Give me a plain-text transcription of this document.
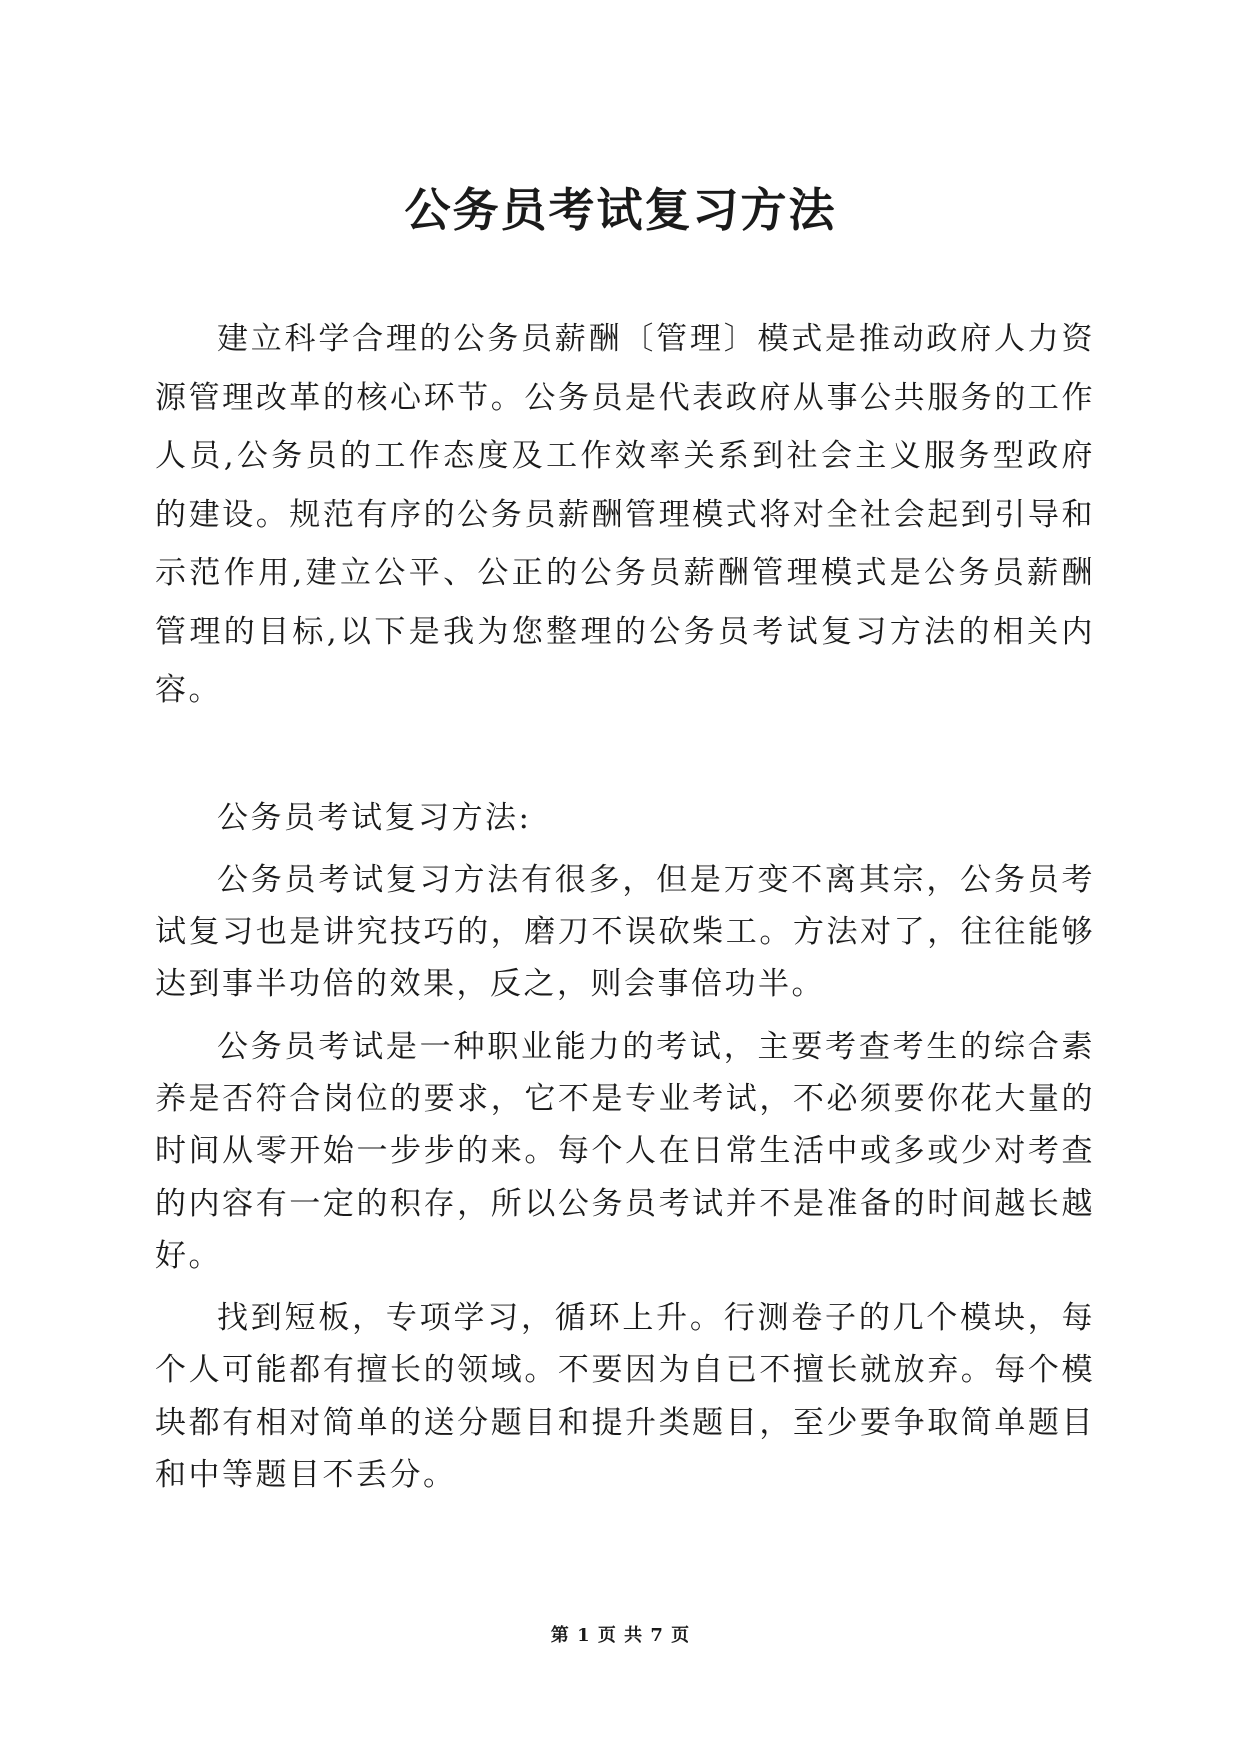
公务员考试复习方法

建立科学合理的公务员薪酬〔管理〕模式是推动政府人力资源管理改革的核心环节。公务员是代表政府从事公共服务的工作人员,公务员的工作态度及工作效率关系到社会主义服务型政府的建设。规范有序的公务员薪酬管理模式将对全社会起到引导和示范作用,建立公平、公正的公务员薪酬管理模式是公务员薪酬管理的目标,以下是我为您整理的公务员考试复习方法的相关内容。

公务员考试复习方法:

公务员考试复习方法有很多，但是万变不离其宗，公务员考试复习也是讲究技巧的，磨刀不误砍柴工。方法对了，往往能够达到事半功倍的效果，反之，则会事倍功半。

公务员考试是一种职业能力的考试，主要考查考生的综合素养是否符合岗位的要求，它不是专业考试，不必须要你花大量的时间从零开始一步步的来。每个人在日常生活中或多或少对考查的内容有一定的积存，所以公务员考试并不是准备的时间越长越好。

找到短板，专项学习，循环上升。行测卷子的几个模块，每个人可能都有擅长的领域。不要因为自已不擅长就放弃。每个模块都有相对简单的送分题目和提升类题目，至少要争取简单题目和中等题目不丢分。

第 1 页 共 7 页
